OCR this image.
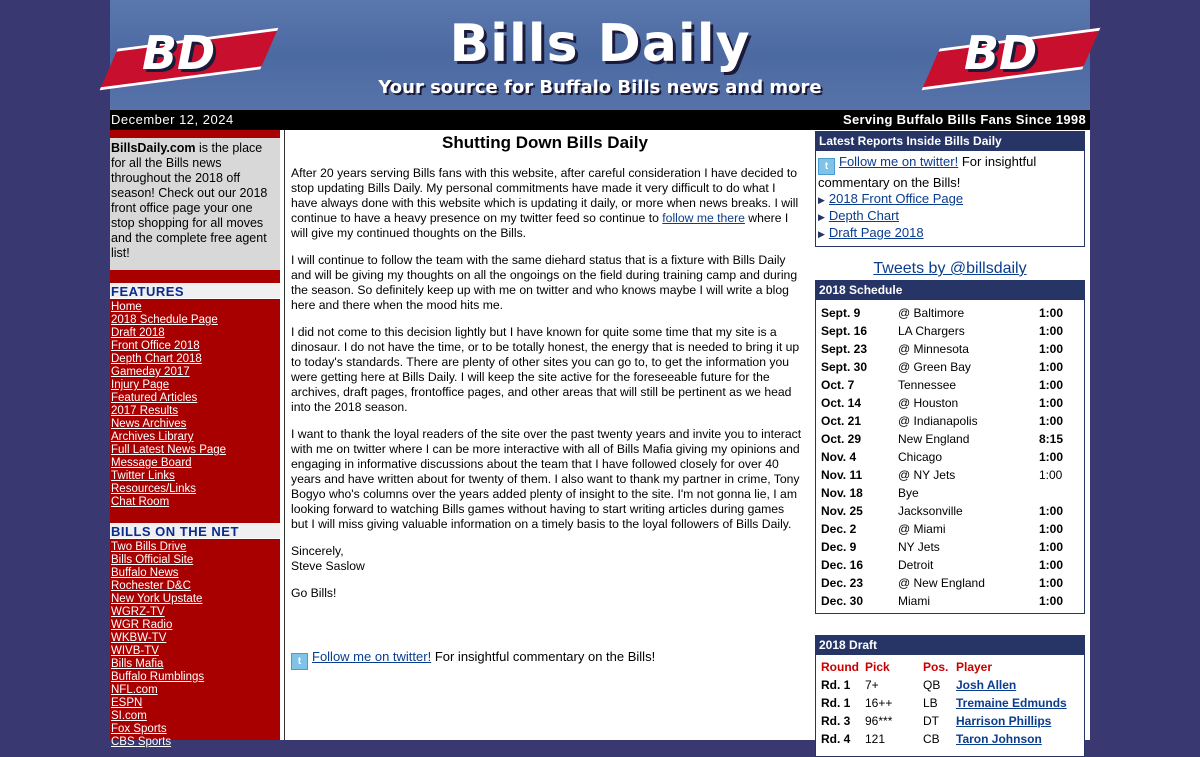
BD	Bills Daily
Your source for Buffalo Bills news and more
BD
December 12, 2024	Serving Buffalo Bills Fans Since 1998
BillsDaily.com is the place for all the Bills news throughout the 2018 off season! Check out our 2018 front office page your one stop shopping for all moves and the complete free agent list!
FEATURES
Home
2018 Schedule Page
Draft 2018
Front Office 2018
Depth Chart 2018
Gameday 2017
Injury Page
Featured Articles
2017 Results
News Archives
Archives Library
Full Latest News Page
Message Board
Twitter Links
Resources/Links
Chat Room
BILLS ON THE NET
Two Bills Drive
Bills Official Site
Buffalo News
Rochester D&C
New York Upstate
WGRZ-TV
WGR Radio
WKBW-TV
WIVB-TV
Bills Mafia
Buffalo Rumblings
NFL.com
ESPN
SI.com
Fox Sports
CBS Sports
Shutting Down Bills Daily

After 20 years serving Bills fans with this website, after careful consideration I have decided to stop updating Bills Daily. My personal commitments have made it very difficult to do what I have always done with this website which is updating it daily, or more when news breaks. I will continue to have a heavy presence on my twitter feed so continue to follow me there where I will give my continued thoughts on the Bills.

I will continue to follow the team with the same diehard status that is a fixture with Bills Daily and will be giving my thoughts on all the ongoings on the field during training camp and during the season. So definitely keep up with me on twitter and who knows maybe I will write a blog here and there when the mood hits me.

I did not come to this decision lightly but I have known for quite some time that my site is a dinosaur. I do not have the time, or to be totally honest, the energy that is needed to bring it up to today's standards. There are plenty of other sites you can go to, to get the information you were getting here at Bills Daily. I will keep the site active for the foreseeable future for the archives, draft pages, frontoffice pages, and other areas that will still be pertinent as we head into the 2018 season.

I want to thank the loyal readers of the site over the past twenty years and invite you to interact with me on twitter where I can be more interactive with all of Bills Mafia giving my opinions and engaging in informative discussions about the team that I have followed closely for over 40 years and have written about for twenty of them. I also want to thank my partner in crime, Tony Bogyo who's columns over the years added plenty of insight to the site. I'm not gonna lie, I am looking forward to watching Bills games without having to start writing articles during games but I will miss giving valuable information on a timely basis to the loyal followers of Bills Daily.

Sincerely,
Steve Saslow

Go Bills!

t Follow me on twitter! For insightful commentary on the Bills!
Latest Reports Inside Bills Daily
t Follow me on twitter! For insightful commentary on the Bills!
▶ 2018 Front Office Page
▶ Depth Chart
▶ Draft Page 2018
Tweets by @billsdaily
2018 Schedule
Sept. 9	@ Baltimore	1:00
Sept. 16	LA Chargers	1:00
Sept. 23	@ Minnesota	1:00
Sept. 30	@ Green Bay	1:00
Oct. 7	Tennessee	1:00
Oct. 14	@ Houston	1:00
Oct. 21	@ Indianapolis	1:00
Oct. 29	New England	8:15
Nov. 4	Chicago	1:00
Nov. 11	@ NY Jets	1:00
Nov. 18	Bye	
Nov. 25	Jacksonville	1:00
Dec. 2	@ Miami	1:00
Dec. 9	NY Jets	1:00
Dec. 16	Detroit	1:00
Dec. 23	@ New England	1:00
Dec. 30	Miami	1:00
2018 Draft
Round	Pick	Pos.	Player
Rd. 1	7+	QB	Josh Allen
Rd. 1	16++	LB	Tremaine Edmunds
Rd. 3	96***	DT	Harrison Phillips
Rd. 4	121	CB	Taron Johnson
